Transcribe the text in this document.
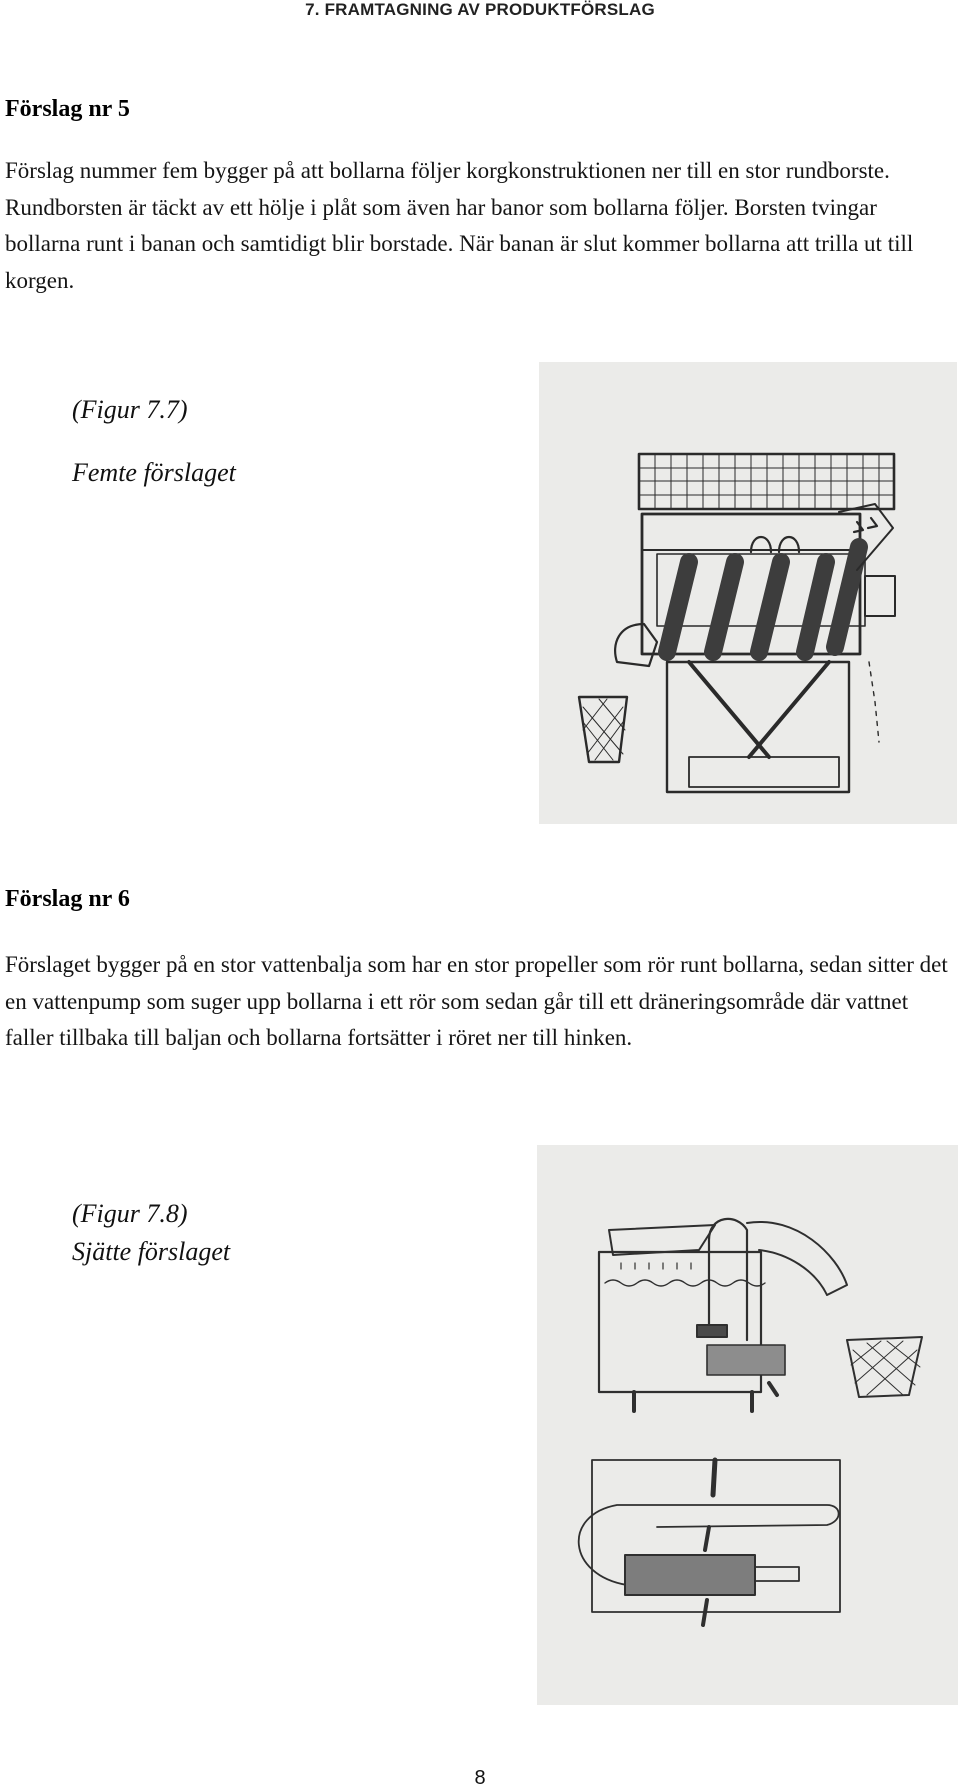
7. FRAMTAGNING AV PRODUKTFÖRSLAG
Förslag nr 5

Förslag nummer fem bygger på att bollarna följer korgkonstruktionen ner till en stor rundborste. Rundborsten är täckt av ett hölje i plåt som även har banor som bollarna följer. Borsten tvingar bollarna runt i banan och samtidigt blir borstade. När banan är slut kommer bollarna att trilla ut till korgen.

(Figur 7.7)

Femte förslaget

Förslag nr 6

Förslaget bygger på en stor vattenbalja som har en stor propeller som rör runt bollarna, sedan sitter det en vattenpump som suger upp bollarna i ett rör som sedan går till ett dräneringsområde där vattnet faller tillbaka till baljan och bollarna fortsätter i röret ner till hinken.

(Figur 7.8)

Sjätte förslaget

8
